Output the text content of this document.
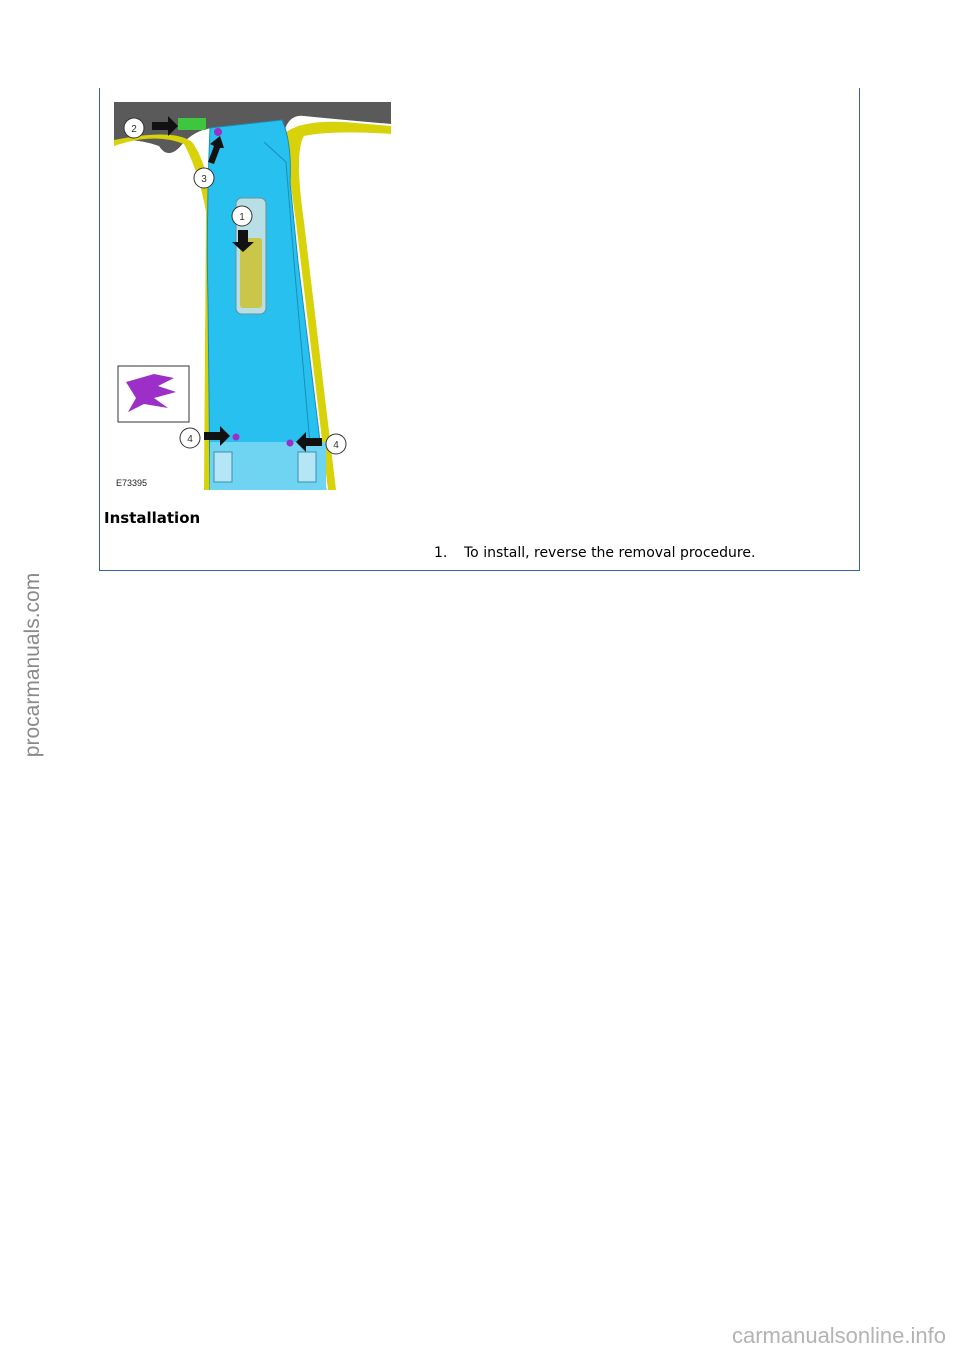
1
2
3
4
4
E73395
Installation
1. To install, reverse the removal procedure.
procarmanuals.com
carmanualsonline.info
